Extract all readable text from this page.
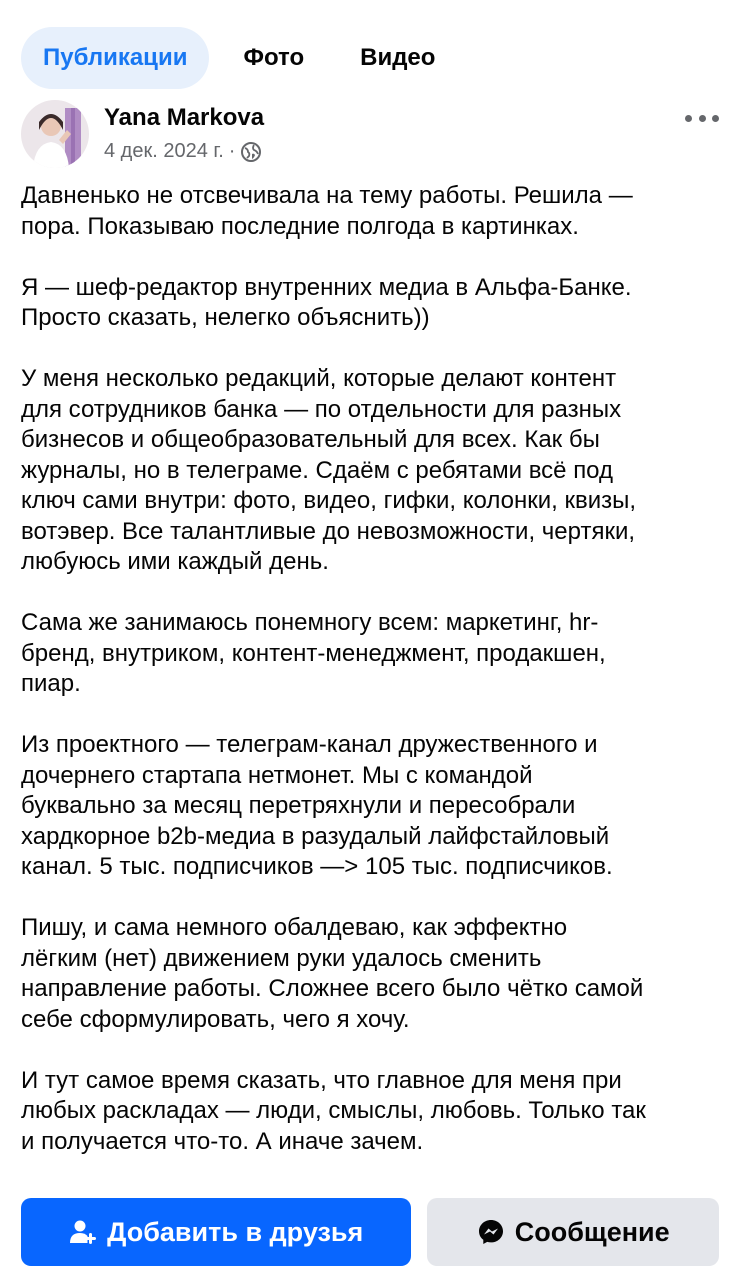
Публикации	Фото	Видео
Yana Markova
4 дек. 2024 г. ·

Давненько не отсвечивала на тему работы. Решила —
пора. Показываю последние полгода в картинках.

Я — шеф-редактор внутренних медиа в Альфа-Банке.
Просто сказать, нелегко объяснить))

У меня несколько редакций, которые делают контент
для сотрудников банка — по отдельности для разных
бизнесов и общеобразовательный для всех. Как бы
журналы, но в телеграме. Сдаём с ребятами всё под
ключ сами внутри: фото, видео, гифки, колонки, квизы,
вотэвер. Все талантливые до невозможности, чертяки,
любуюсь ими каждый день.

Сама же занимаюсь понемногу всем: маркетинг, hr-
бренд, внутриком, контент-менеджмент, продакшен,
пиар.

Из проектного — телеграм-канал дружественного и
дочернего стартапа нетмонет. Мы с командой
буквально за месяц перетряхнули и пересобрали
хардкорное b2b-медиа в разудалый лайфстайловый
канал. 5 тыс. подписчиков —> 105 тыс. подписчиков.

Пишу, и сама немного обалдеваю, как эффектно
лёгким (нет) движением руки удалось сменить
направление работы. Сложнее всего было чётко самой
себе сформулировать, чего я хочу.

И тут самое время сказать, что главное для меня при
любых раскладах — люди, смыслы, любовь. Только так
и получается что-то. А иначе зачем.

Добавить в друзья	Сообщение
